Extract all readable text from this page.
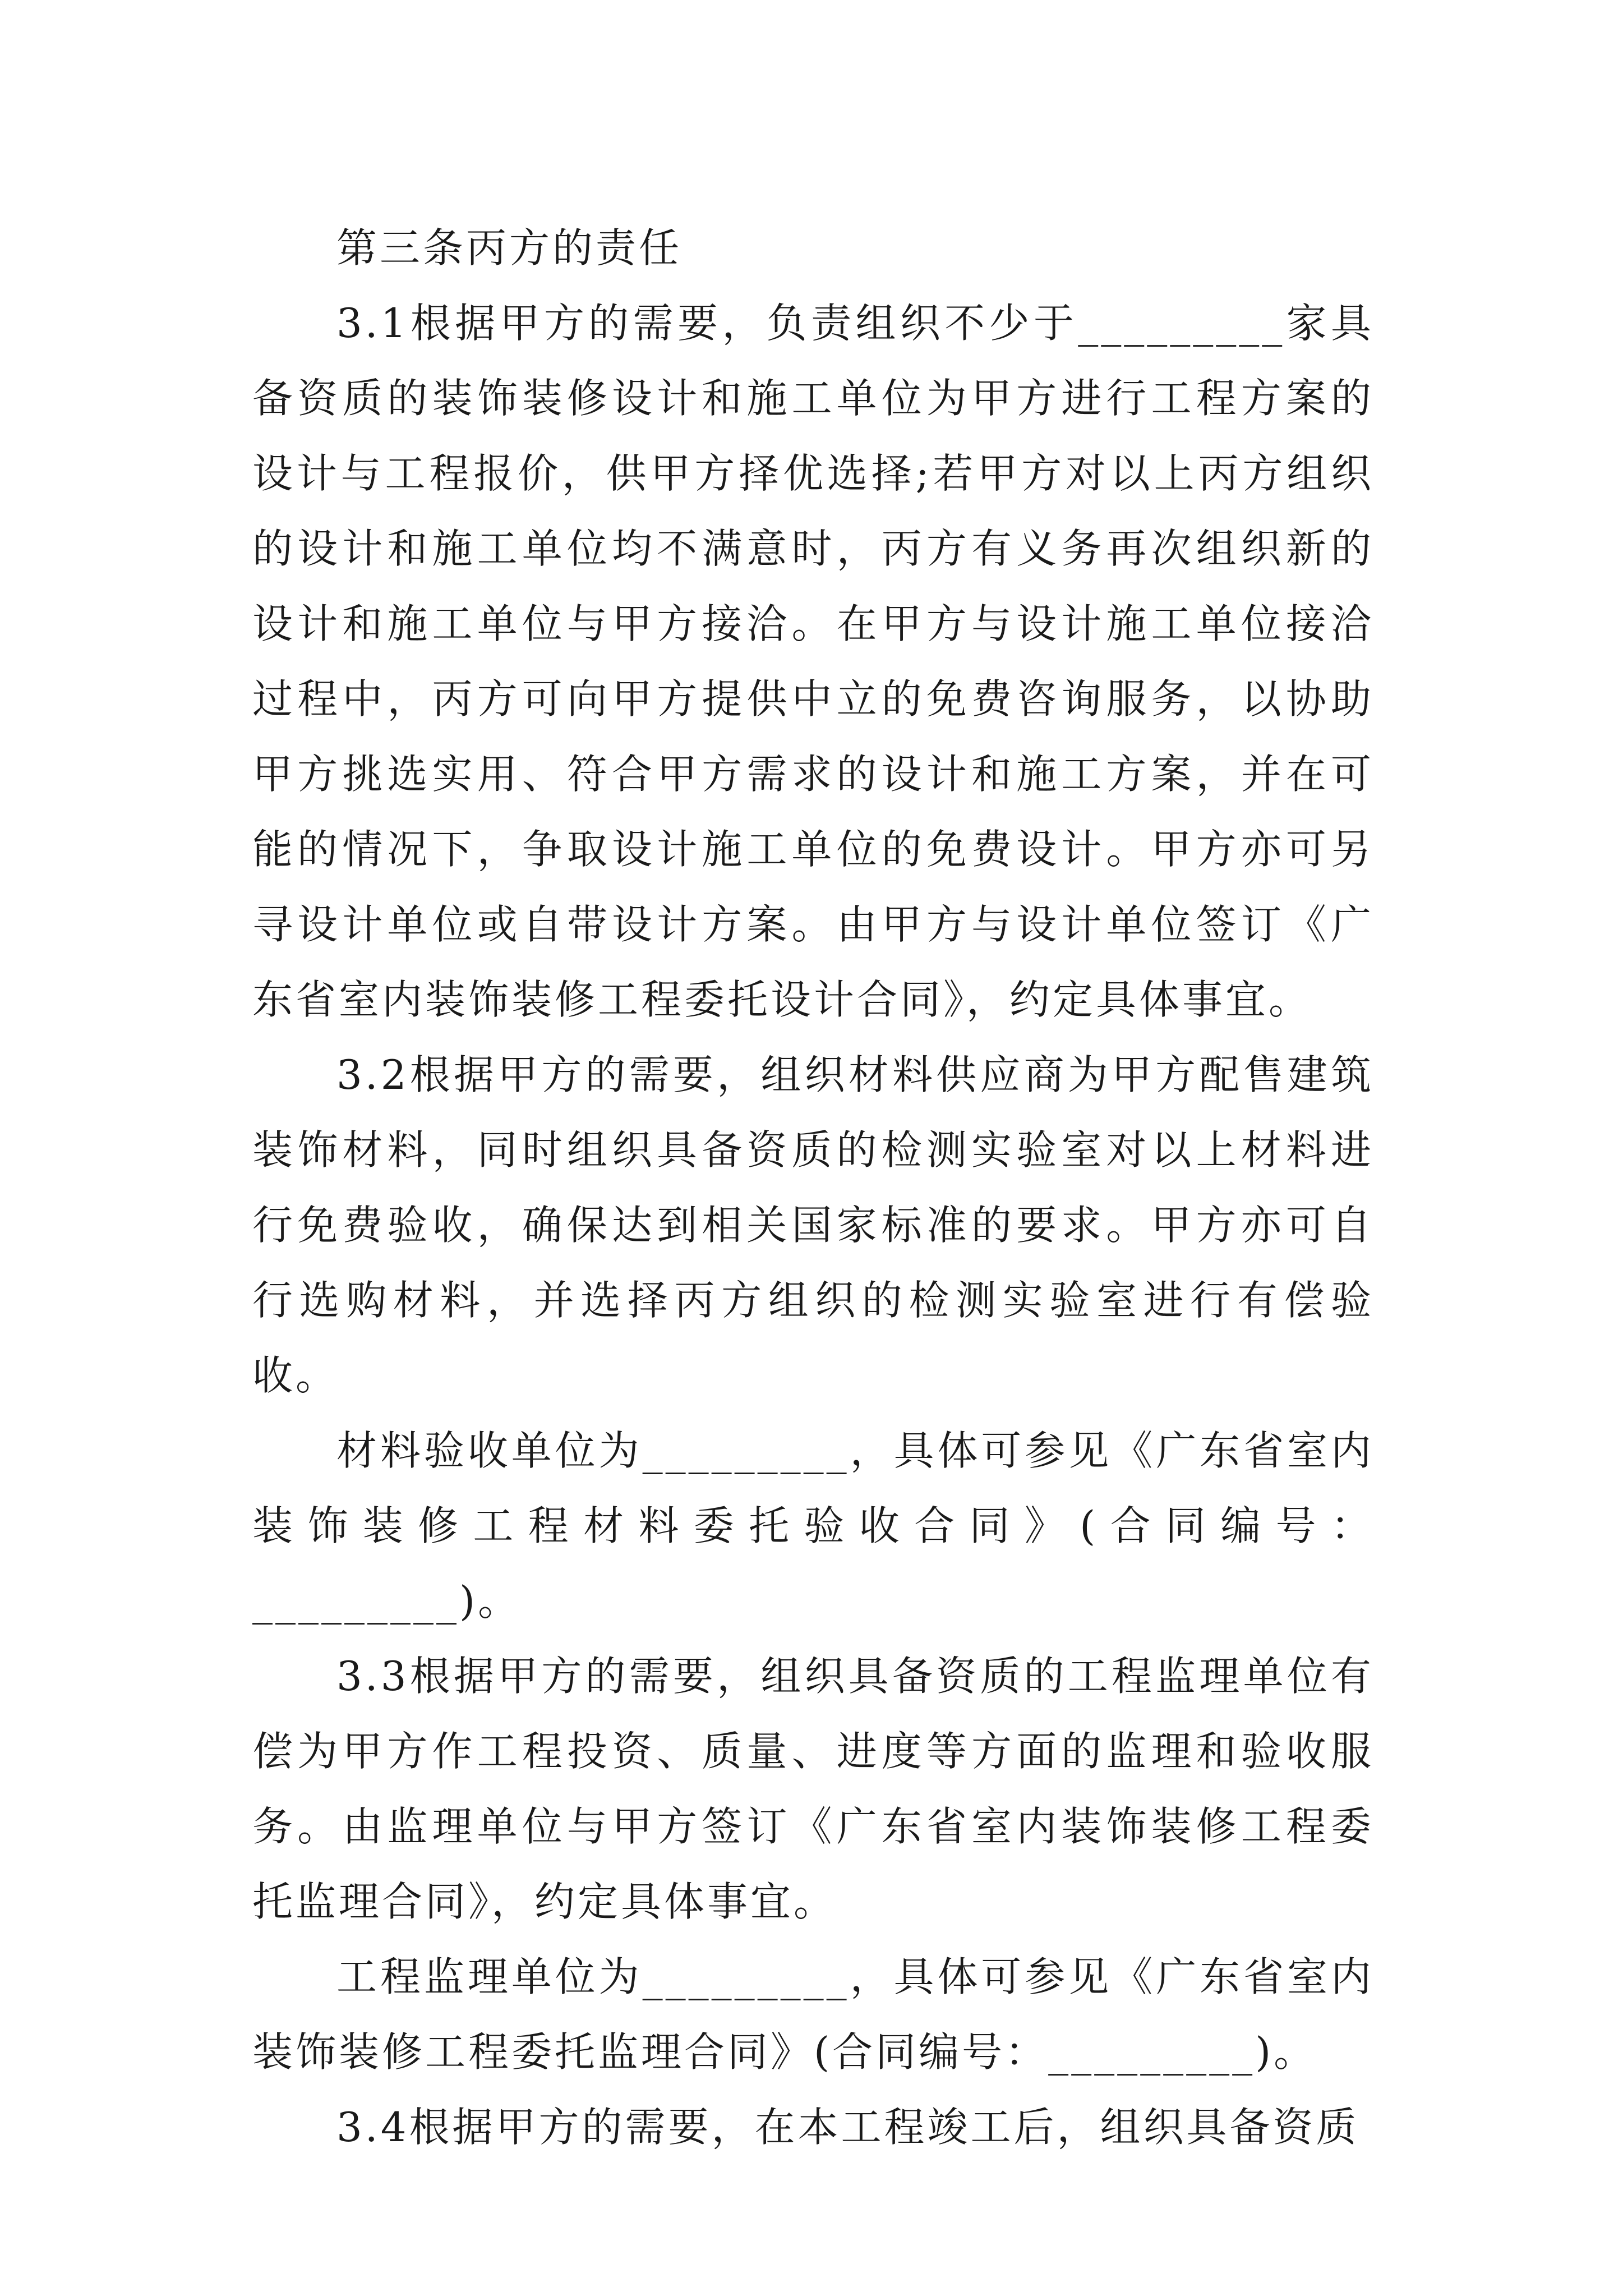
第三条丙方的责任

3.1根据甲方的需要，负责组织不少于_________家具备资质的装饰装修设计和施工单位为甲方进行工程方案的设计与工程报价，供甲方择优选择;若甲方对以上丙方组织的设计和施工单位均不满意时，丙方有义务再次组织新的设计和施工单位与甲方接洽。在甲方与设计施工单位接洽过程中，丙方可向甲方提供中立的免费咨询服务，以协助甲方挑选实用、符合甲方需求的设计和施工方案，并在可能的情况下，争取设计施工单位的免费设计。甲方亦可另寻设计单位或自带设计方案。由甲方与设计单位签订《广东省室内装饰装修工程委托设计合同》，约定具体事宜。

3.2根据甲方的需要，组织材料供应商为甲方配售建筑装饰材料，同时组织具备资质的检测实验室对以上材料进行免费验收，确保达到相关国家标准的要求。甲方亦可自行选购材料，并选择丙方组织的检测实验室进行有偿验收。

材料验收单位为_________，具体可参见《广东省室内装饰装修工程材料委托验收合同》(合同编号：_________)。

3.3根据甲方的需要，组织具备资质的工程监理单位有偿为甲方作工程投资、质量、进度等方面的监理和验收服务。由监理单位与甲方签订《广东省室内装饰装修工程委托监理合同》，约定具体事宜。

工程监理单位为_________，具体可参见《广东省室内装饰装修工程委托监理合同》(合同编号：_________)。

3.4根据甲方的需要，在本工程竣工后，组织具备资质
